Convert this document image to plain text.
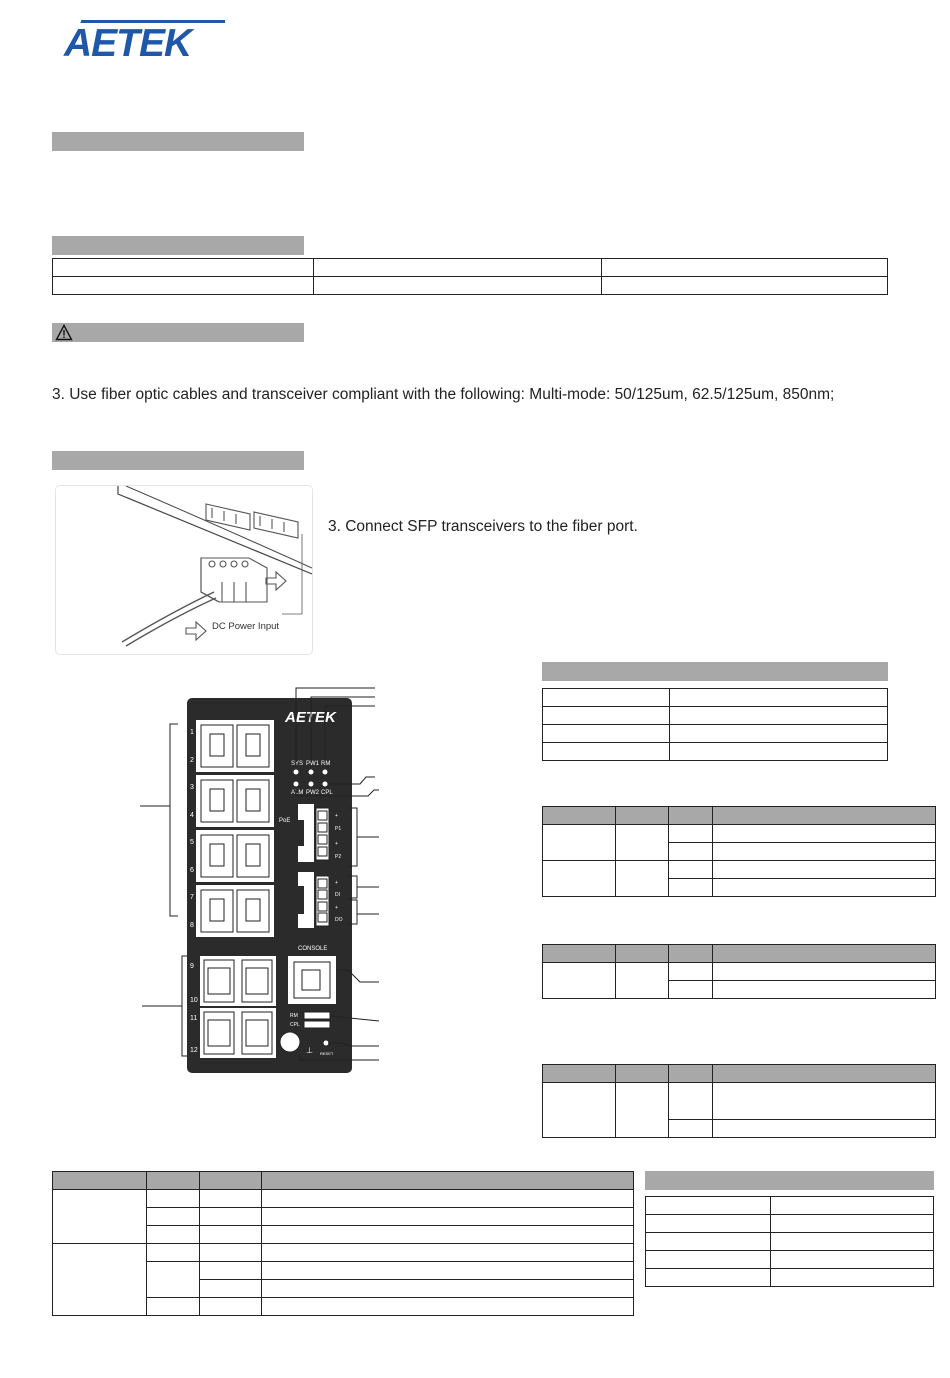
AETEK

3. Use fiber optic cables and transceiver compliant with the following: Multi-mode: 50/125um, 62.5/125um, 850nm;
DC Power Input
3. Connect SFP transceivers to the fiber port.

AETEK
1
2
3
4
5
6
7
8
PoE
SYS PW1 RM
ALM PW2 CPL
+
P1
+
P2
+
DI
+
DO
9
10
11
12
CONSOLE
RM
CPL
⊥ RESET
